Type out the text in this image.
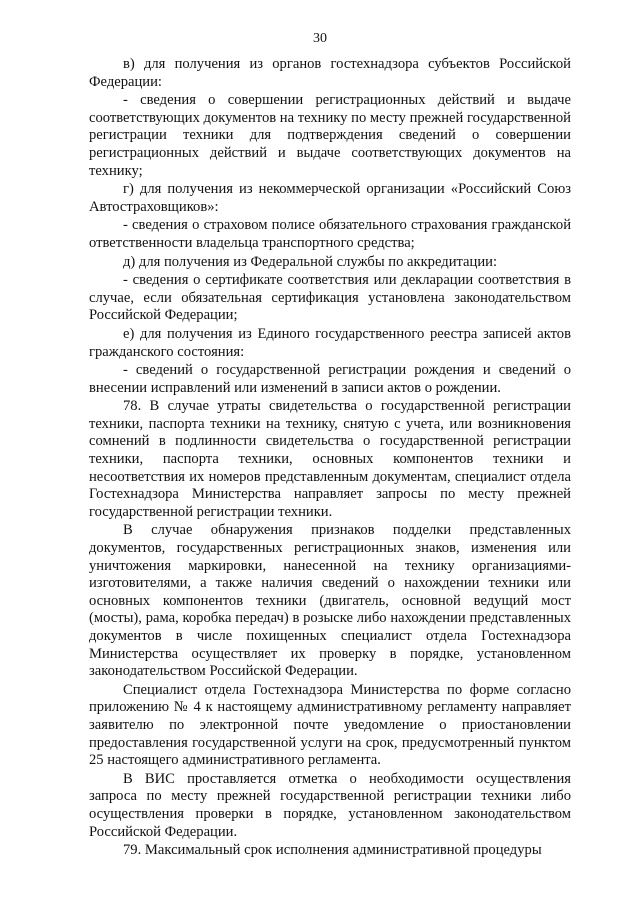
30

в) для получения из органов гостехнадзора субъектов Российской Федерации:

- сведения о совершении регистрационных действий и выдаче соответствующих документов на технику по месту прежней государственной регистрации техники для подтверждения сведений о совершении регистрационных действий и выдаче соответствующих документов на технику;

г) для получения из некоммерческой организации «Российский Союз Автостраховщиков»:

- сведения о страховом полисе обязательного страхования гражданской ответственности владельца транспортного средства;

д) для получения из Федеральной службы по аккредитации:

- сведения о сертификате соответствия или декларации соответствия в случае, если обязательная сертификация установлена законодательством Российской Федерации;

е) для получения из Единого государственного реестра записей актов гражданского состояния:

- сведений о государственной регистрации рождения и сведений о внесении исправлений или изменений в записи актов о рождении.

78. В случае утраты свидетельства о государственной регистрации техники, паспорта техники на технику, снятую с учета, или возникновения сомнений в подлинности свидетельства о государственной регистрации техники, паспорта техники, основных компонентов техники и несоответствия их номеров представленным документам, специалист отдела Гостехнадзора Министерства направляет запросы по месту прежней государственной регистрации техники.

В случае обнаружения признаков подделки представленных документов, государственных регистрационных знаков, изменения или уничтожения маркировки, нанесенной на технику организациями-изготовителями, а также наличия сведений о нахождении техники или основных компонентов техники (двигатель, основной ведущий мост (мосты), рама, коробка передач) в розыске либо нахождении представленных документов в числе похищенных специалист отдела Гостехнадзора Министерства осуществляет их проверку в порядке, установленном законодательством Российской Федерации.

Специалист отдела Гостехнадзора Министерства по форме согласно приложению № 4 к настоящему административному регламенту направляет заявителю по электронной почте уведомление о приостановлении предоставления государственной услуги на срок, предусмотренный пунктом 25 настоящего административного регламента.

В ВИС проставляется отметка о необходимости осуществления запроса по месту прежней государственной регистрации техники либо осуществления проверки в порядке, установленном законодательством Российской Федерации.

79. Максимальный срок исполнения административной процедуры
